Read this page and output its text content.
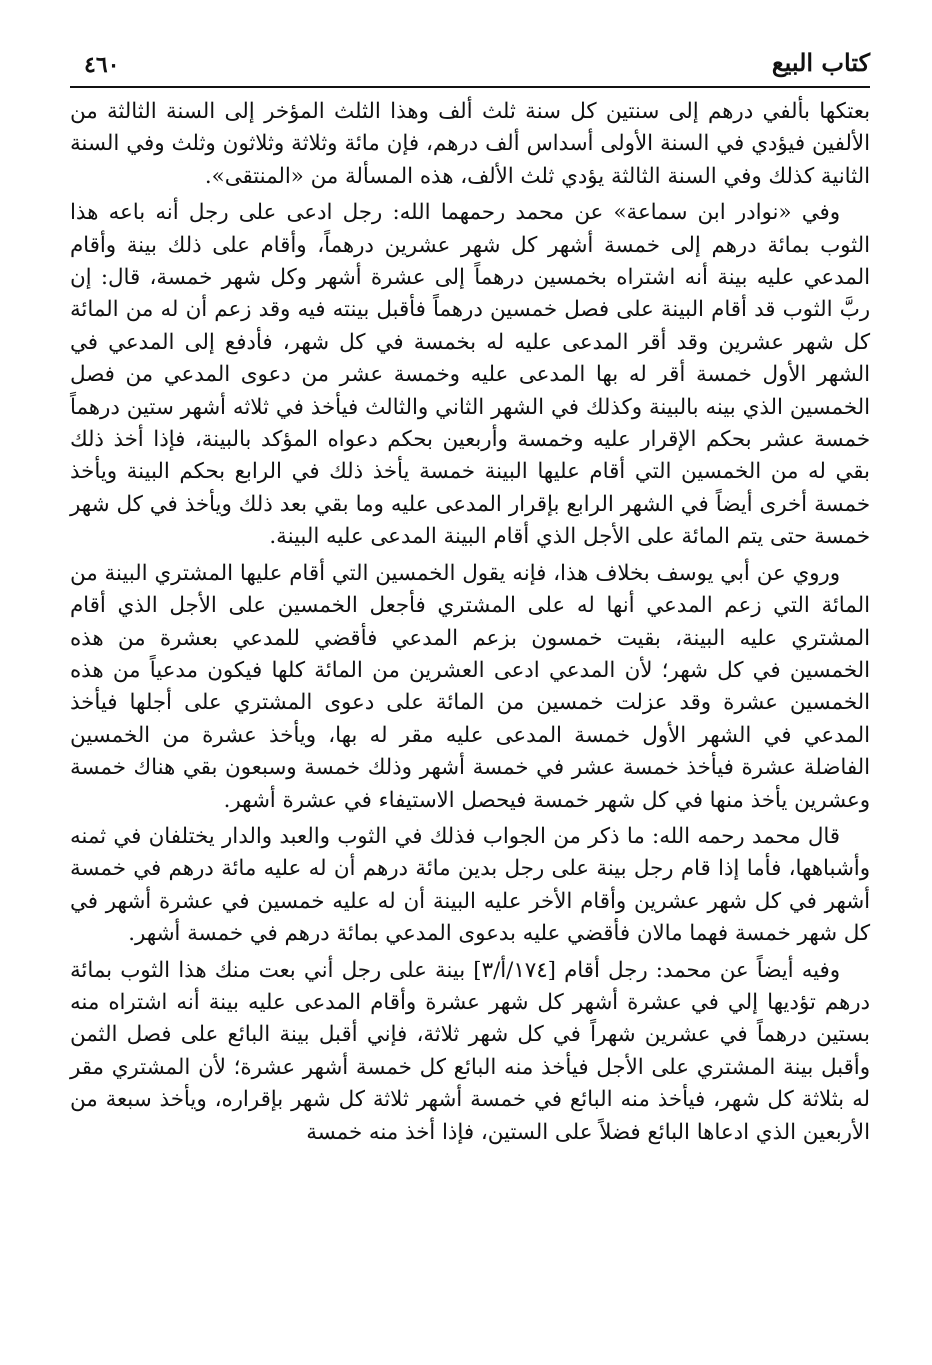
٤٦٠	كتاب البيع

بعتكها بألفي درهم إلى سنتين كل سنة ثلث ألف وهذا الثلث المؤخر إلى السنة الثالثة من الألفين فيؤدي في السنة الأولى أسداس ألف درهم، فإن مائة وثلاثة وثلاثون وثلث وفي السنة الثانية كذلك وفي السنة الثالثة يؤدي ثلث الألف، هذه المسألة من «المنتقى».

وفي «نوادر ابن سماعة» عن محمد رحمهما الله: رجل ادعى على رجل أنه باعه هذا الثوب بمائة درهم إلى خمسة أشهر كل شهر عشرين درهماً، وأقام على ذلك بينة وأقام المدعي عليه بينة أنه اشتراه بخمسين درهماً إلى عشرة أشهر وكل شهر خمسة، قال: إن ربَّ الثوب قد أقام البينة على فصل خمسين درهماً فأقبل بينته فيه وقد زعم أن له من المائة كل شهر عشرين وقد أقر المدعى عليه له بخمسة في كل شهر، فأدفع إلى المدعي في الشهر الأول خمسة أقر له بها المدعى عليه وخمسة عشر من دعوى المدعي من فصل الخمسين الذي بينه بالبينة وكذلك في الشهر الثاني والثالث فيأخذ في ثلاثه أشهر ستين درهماً خمسة عشر بحكم الإقرار عليه وخمسة وأربعين بحكم دعواه المؤكد بالبينة، فإذا أخذ ذلك بقي له من الخمسين التي أقام عليها البينة خمسة يأخذ ذلك في الرابع بحكم البينة ويأخذ خمسة أخرى أيضاً في الشهر الرابع بإقرار المدعى عليه وما بقي بعد ذلك ويأخذ في كل شهر خمسة حتى يتم المائة على الأجل الذي أقام البينة المدعى عليه البينة.

وروي عن أبي يوسف بخلاف هذا، فإنه يقول الخمسين التي أقام عليها المشتري البينة من المائة التي زعم المدعي أنها له على المشتري فأجعل الخمسين على الأجل الذي أقام المشتري عليه البينة، بقيت خمسون بزعم المدعي فأقضي للمدعي بعشرة من هذه الخمسين في كل شهر؛ لأن المدعي ادعى العشرين من المائة كلها فيكون مدعياً من هذه الخمسين عشرة وقد عزلت خمسين من المائة على دعوى المشتري على أجلها فيأخذ المدعي في الشهر الأول خمسة المدعى عليه مقر له بها، ويأخذ عشرة من الخمسين الفاضلة عشرة فيأخذ خمسة عشر في خمسة أشهر وذلك خمسة وسبعون بقي هناك خمسة وعشرين يأخذ منها في كل شهر خمسة فيحصل الاستيفاء في عشرة أشهر.

قال محمد رحمه الله: ما ذكر من الجواب فذلك في الثوب والعبد والدار يختلفان في ثمنه وأشباهها، فأما إذا قام رجل بينة على رجل بدين مائة درهم أن له عليه مائة درهم في خمسة أشهر في كل شهر عشرين وأقام الأخر عليه البينة أن له عليه خمسين في عشرة أشهر في كل شهر خمسة فهما مالان فأقضي عليه بدعوى المدعي بمائة درهم في خمسة أشهر.

وفيه أيضاً عن محمد: رجل أقام [١٧٤/أ/٣] بينة على رجل أني بعت منك هذا الثوب بمائة درهم تؤديها إلي في عشرة أشهر كل شهر عشرة وأقام المدعى عليه بينة أنه اشتراه منه بستين درهماً في عشرين شهراً في كل شهر ثلاثة، فإني أقبل بينة البائع على فصل الثمن وأقبل بينة المشتري على الأجل فيأخذ منه البائع كل خمسة أشهر عشرة؛ لأن المشتري مقر له بثلاثة كل شهر، فيأخذ منه البائع في خمسة أشهر ثلاثة كل شهر بإقراره، ويأخذ سبعة من الأربعين الذي ادعاها البائع فضلاً على الستين، فإذا أخذ منه خمسة
